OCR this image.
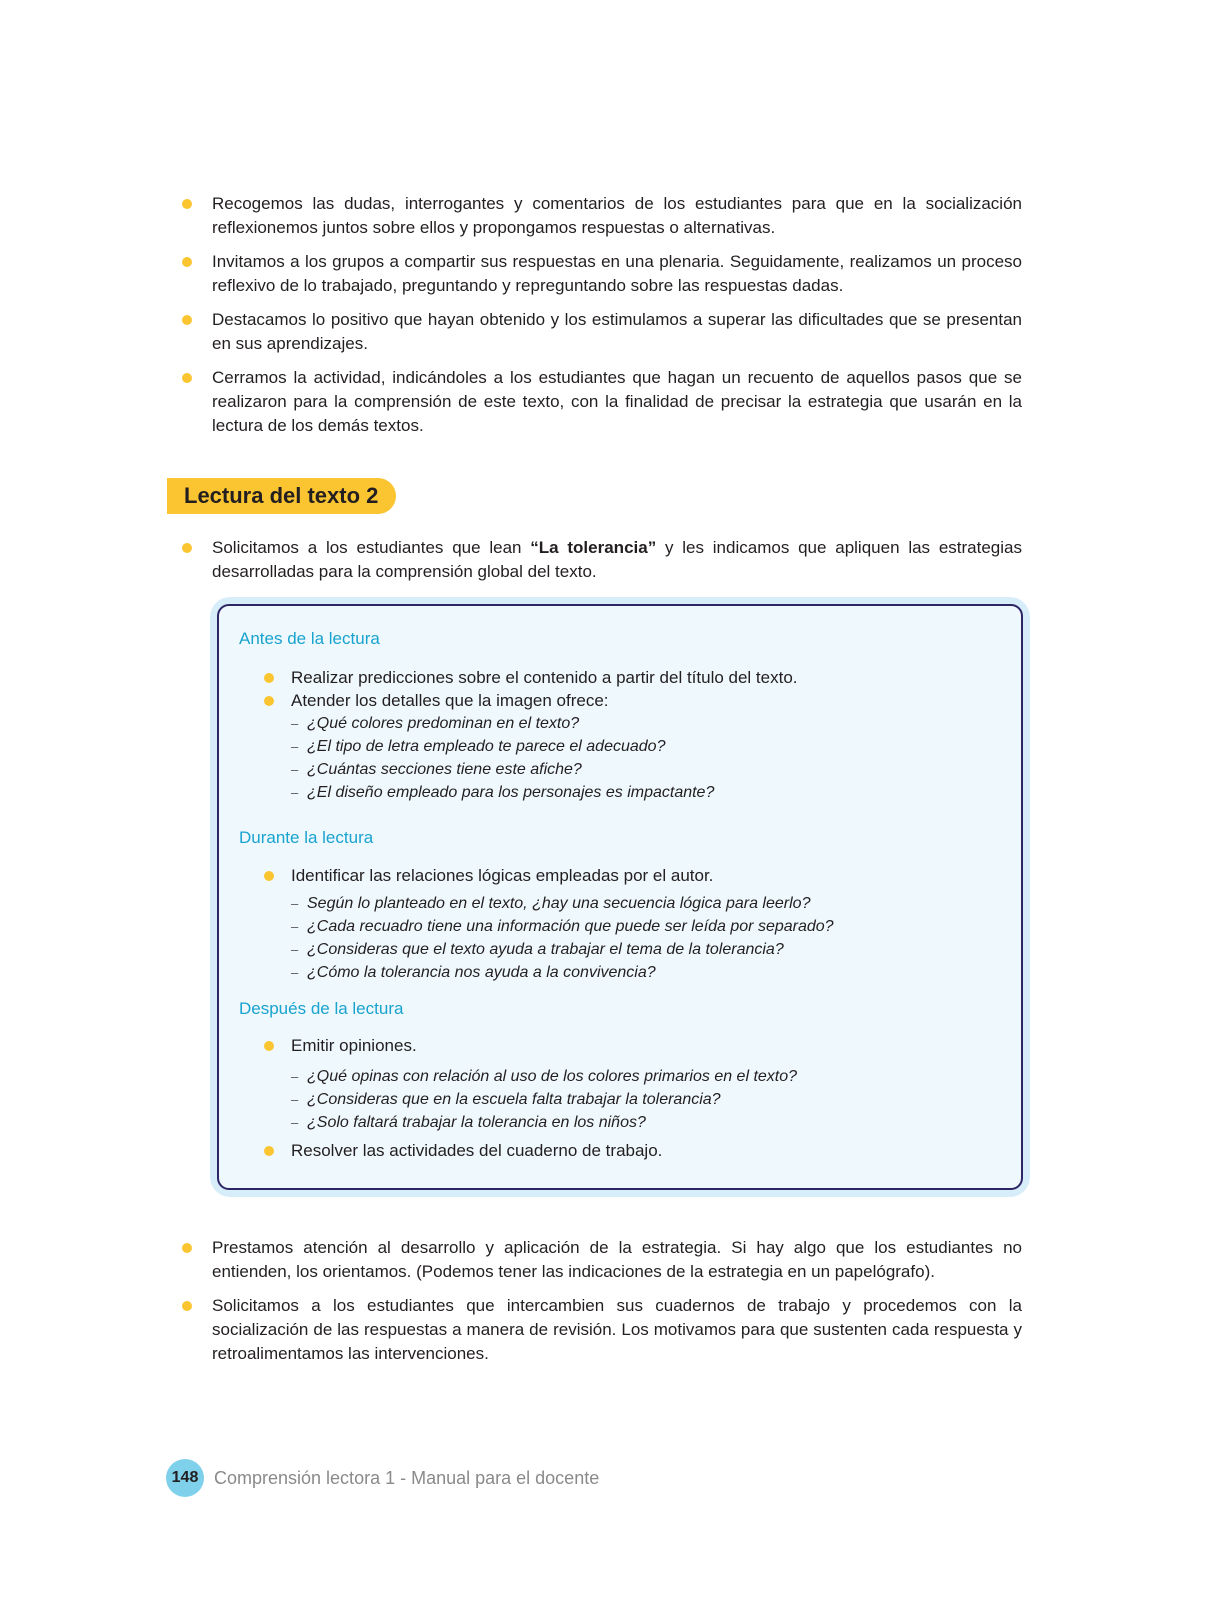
Recogemos las dudas, interrogantes y comentarios de los estudiantes para que en la socialización reflexionemos juntos sobre ellos y propongamos respuestas o alternativas.
Invitamos a los grupos a compartir sus respuestas en una plenaria. Seguidamente, realizamos un proceso reflexivo de lo trabajado, preguntando y repreguntando sobre las respuestas dadas.
Destacamos lo positivo que hayan obtenido y los estimulamos a superar las dificultades que se presentan en sus aprendizajes.
Cerramos la actividad, indicándoles a los estudiantes que hagan un recuento de aquellos pasos que se realizaron para la comprensión de este texto, con la finalidad de precisar la estrategia que usarán en la lectura de los demás textos.
Lectura del texto 2
Solicitamos a los estudiantes que lean “La tolerancia” y les indicamos que apliquen las estrategias desarrolladas para la comprensión global del texto.
Antes de la lectura
Realizar predicciones sobre el contenido a partir del título del texto.
Atender los detalles que la imagen ofrece:
– ¿Qué colores predominan en el texto?
– ¿El tipo de letra empleado te parece el adecuado?
– ¿Cuántas secciones tiene este afiche?
– ¿El diseño empleado para los personajes es impactante?
Durante la lectura
Identificar las relaciones lógicas empleadas por el autor.
– Según lo planteado en el texto, ¿hay una secuencia lógica para leerlo?
– ¿Cada recuadro tiene una información que puede ser leída por separado?
– ¿Consideras que el texto ayuda a trabajar el tema de la tolerancia?
– ¿Cómo la tolerancia nos ayuda a la convivencia?
Después de la lectura
Emitir opiniones.
– ¿Qué opinas con relación al uso de los colores primarios en el texto?
– ¿Consideras que en la escuela falta trabajar la tolerancia?
– ¿Solo faltará trabajar la tolerancia en los niños?
Resolver las actividades del cuaderno de trabajo.
Prestamos atención al desarrollo y aplicación de la estrategia. Si hay algo que los estudiantes no entienden, los orientamos. (Podemos tener las indicaciones de la estrategia en un papelógrafo).
Solicitamos a los estudiantes que intercambien sus cuadernos de trabajo y procedemos con la socialización de las respuestas a manera de revisión. Los motivamos para que sustenten cada respuesta y retroalimentamos las intervenciones.
148 Comprensión lectora 1 - Manual para el docente
